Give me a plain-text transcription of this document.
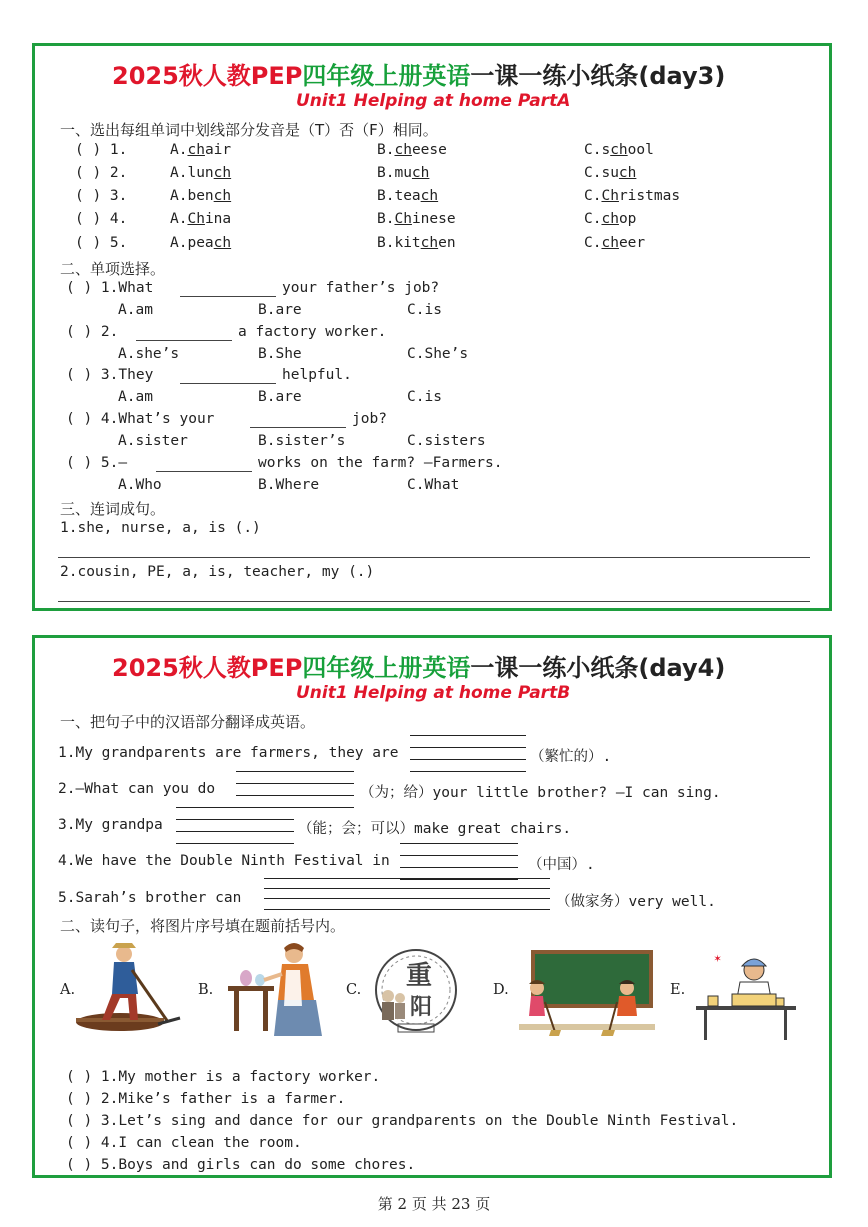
2025秋人教PEP四年级上册英语一课一练小纸条(day3)
Unit1 Helping at home PartA
一、选出每组单词中划线部分发音是（T）否（F）相同。
( ) 1.	A.chair	B.cheese	C.school
( ) 2.	A.lunch	B.much	C.such
( ) 3.	A.bench	B.teach	C.Christmas
( ) 4.	A.China	B.Chinese	C.chop
( ) 5.	A.peach	B.kitchen	C.cheer
二、单项选择。
( ) 1.What	your father’s job?
A.am	B.are	C.is
( ) 2.	a factory worker.
A.she’s	B.She	C.She’s
( ) 3.They	helpful.
A.am	B.are	C.is
( ) 4.What’s your	job?
A.sister	B.sister’s	C.sisters
( ) 5.—	works on the farm? —Farmers.
A.Who	B.Where	C.What
三、连词成句。
1.she, nurse, a, is (.)
2.cousin, PE, a, is, teacher, my (.)
2025秋人教PEP四年级上册英语一课一练小纸条(day4)
Unit1 Helping at home PartB
一、把句子中的汉语部分翻译成英语。
1.My grandparents are farmers, they are	（繁忙的）.
2.—What can you do	（为；给）your little brother? —I can sing.
3.My grandpa	（能；会；可以）make great chairs.
4.We have the Double Ninth Festival in	（中国）.
5.Sarah’s brother can	（做家务）very well.
二、读句子，将图片序号填在题前括号内。
A.	B.	C.	D.	E.
重
阳
✶
( ) 1.My mother is a factory worker.
( ) 2.Mike’s father is a farmer.
( ) 3.Let’s sing and dance for our grandparents on the Double Ninth Festival.
( ) 4.I can clean the room.
( ) 5.Boys and girls can do some chores.
第 2 页 共 23 页
